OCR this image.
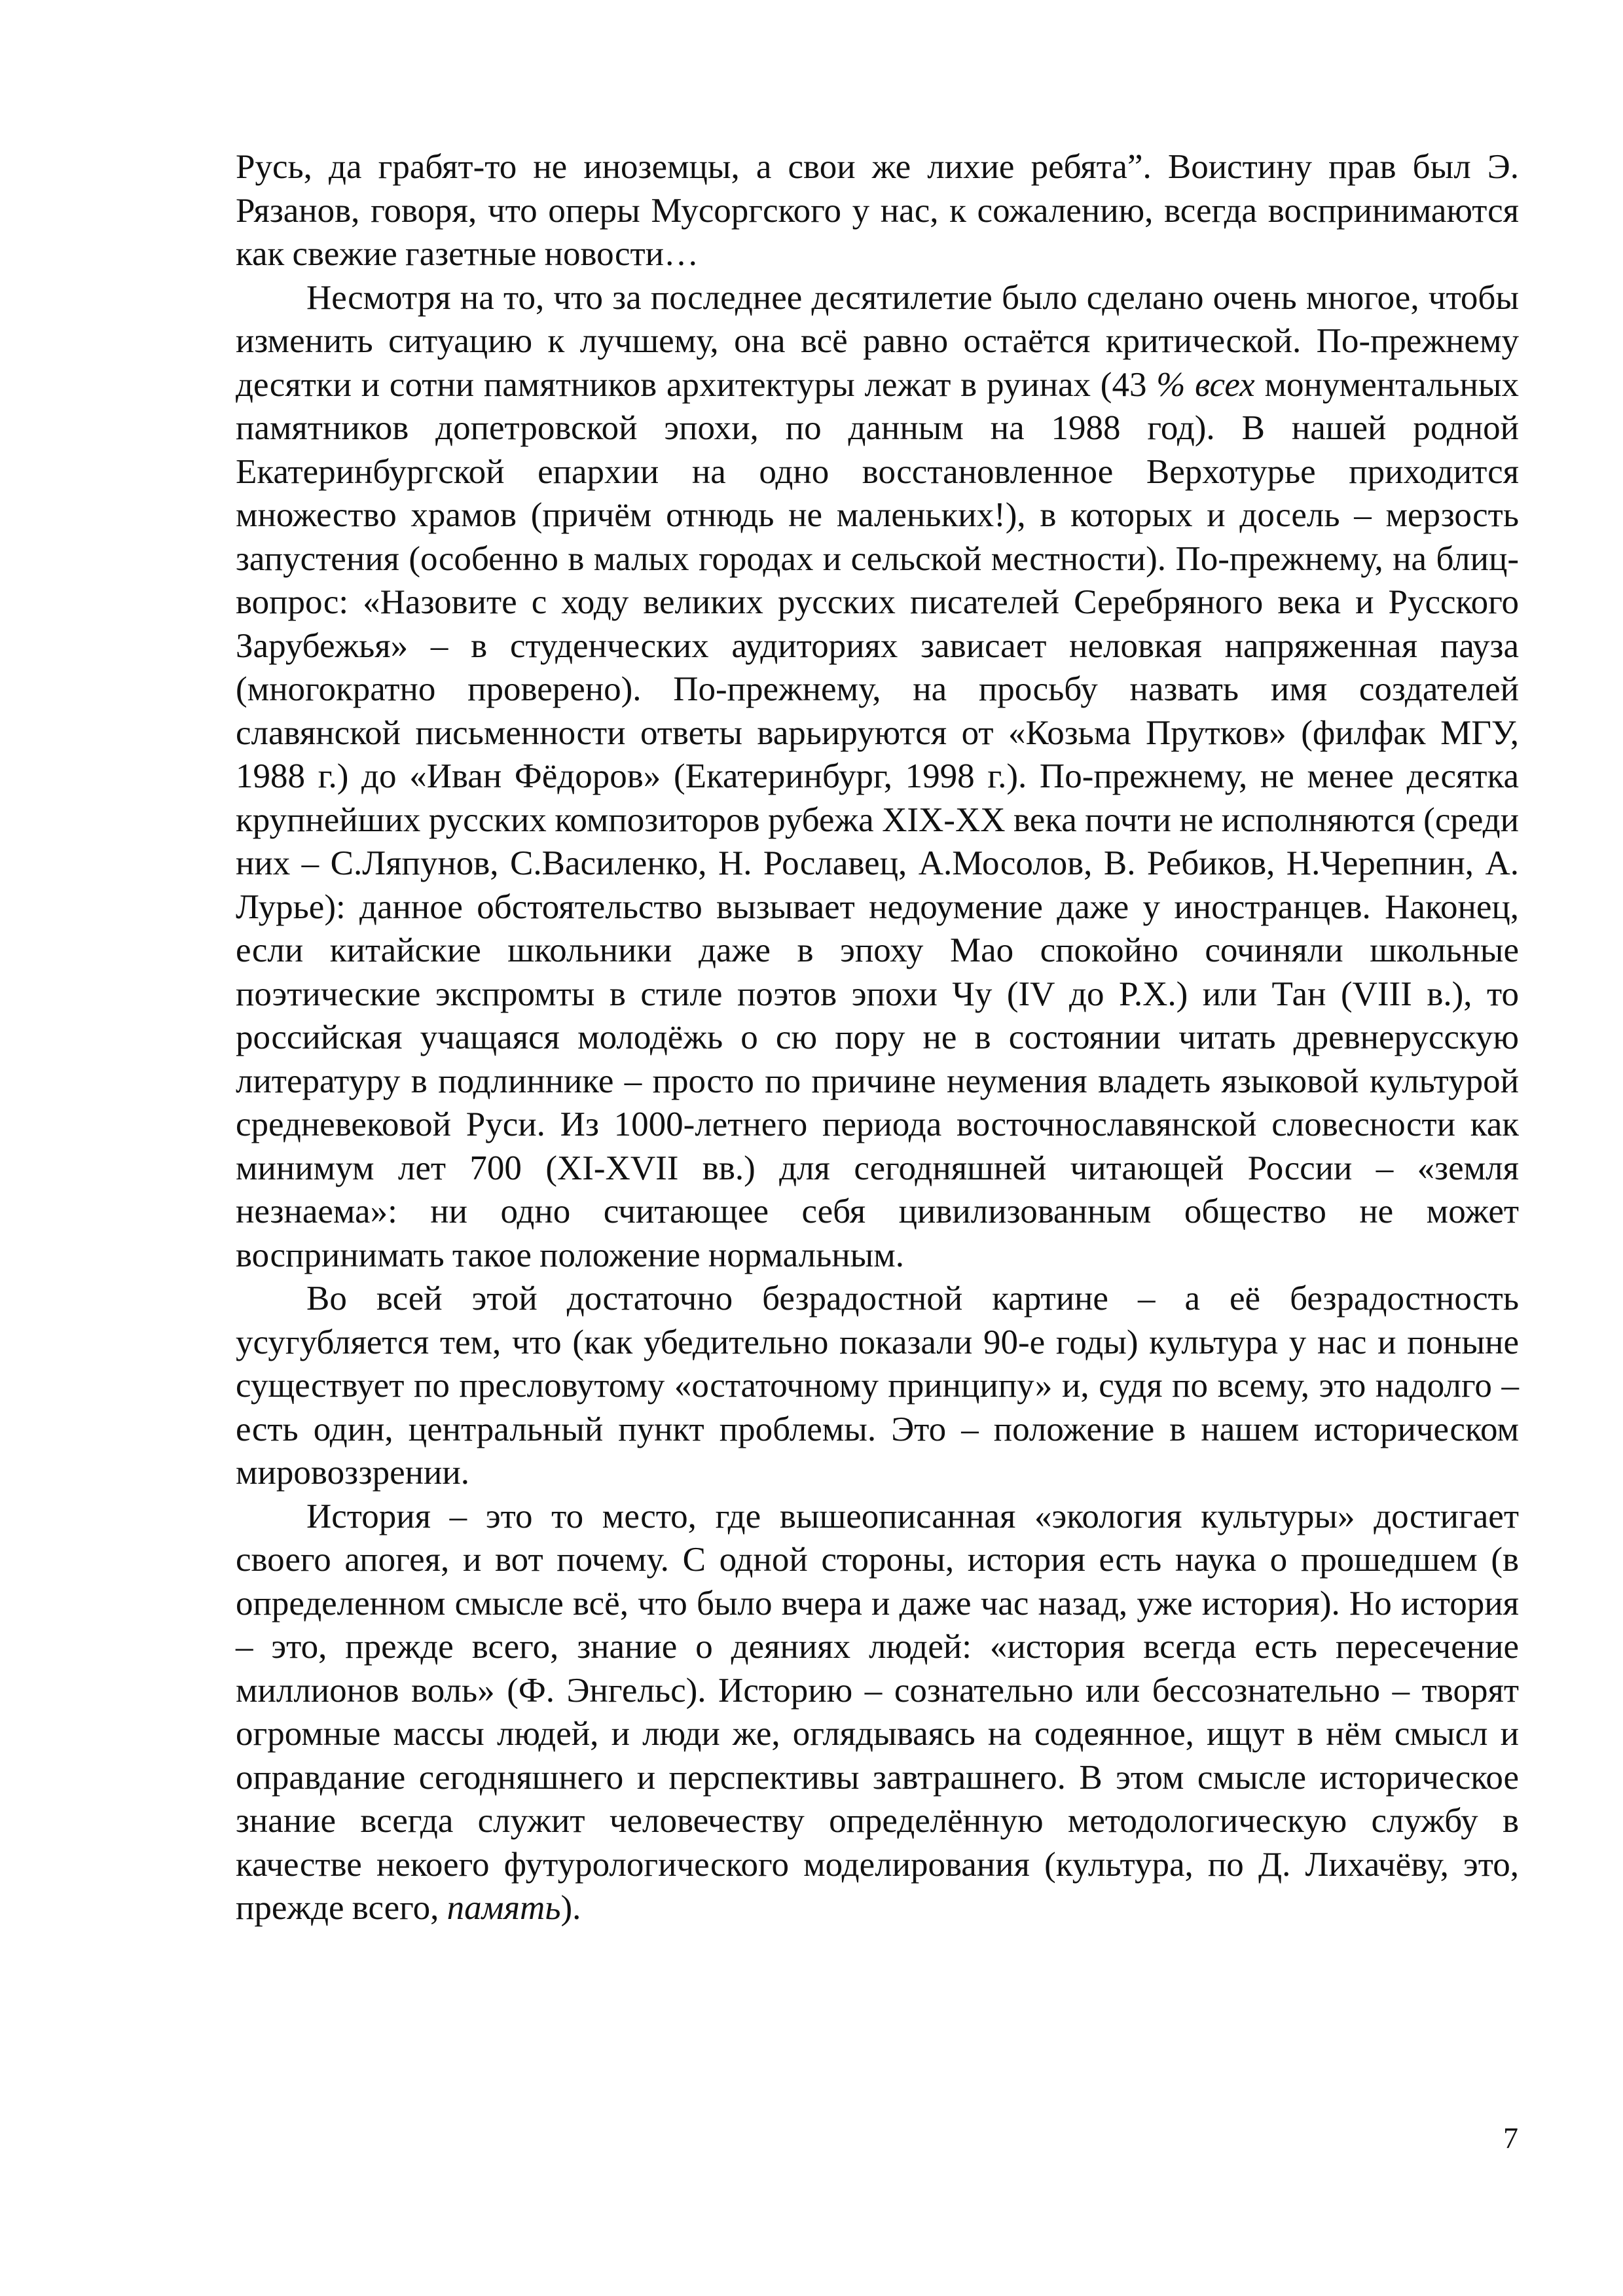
Русь, да грабят-то не иноземцы, а свои же лихие ребята”. Воистину прав был Э. Рязанов, говоря, что оперы Мусоргского у нас, к сожалению, всегда воспринимаются как свежие газетные новости…

Несмотря на то, что за последнее десятилетие было сделано очень многое, чтобы изменить ситуацию к лучшему, она всё равно остаётся критической. По-прежнему десятки и сотни памятников архитектуры лежат в руинах (43 % всех монументальных памятников допетровской эпохи, по данным на 1988 год). В нашей родной Екатеринбургской епархии на одно восстановленное Верхотурье приходится множество храмов (причём отнюдь не маленьких!), в которых и досель – мерзость запустения (особенно в малых городах и сельской местности). По-прежнему, на блиц-вопрос: «Назовите с ходу великих русских писателей Серебряного века и Русского Зарубежья» – в студенческих аудиториях зависает неловкая напряженная пауза (многократно проверено). По-прежнему, на просьбу назвать имя создателей славянской письменности ответы варьируются от «Козьма Прутков» (филфак МГУ, 1988 г.) до «Иван Фёдоров» (Екатеринбург, 1998 г.). По-прежнему, не менее десятка крупнейших русских композиторов рубежа XIX-XX века почти не исполняются (среди них – С.Ляпунов, С.Василенко, Н. Рославец, А.Мосолов, В. Ребиков, Н.Черепнин, А. Лурье): данное обстоятельство вызывает недоумение даже у иностранцев. Наконец, если китайские школьники даже в эпоху Мао спокойно сочиняли школьные поэтические экспромты в стиле поэтов эпохи Чу (IV до Р.Х.) или Тан (VIII в.), то российская учащаяся молодёжь о сю пору не в состоянии читать древнерусскую литературу в подлиннике – просто по причине неумения владеть языковой культурой средневековой Руси. Из 1000-летнего периода восточнославянской словесности как минимум лет 700 (XI-XVII вв.) для сегодняшней читающей России – «земля незнаема»: ни одно считающее себя цивилизованным общество не может воспринимать такое положение нормальным.

Во всей этой достаточно безрадостной картине – а её безрадостность усугубляется тем, что (как убедительно показали 90-е годы) культура у нас и поныне существует по пресловутому «остаточному принципу» и, судя по всему, это надолго – есть один, центральный пункт проблемы. Это – положение в нашем историческом мировоззрении.

История – это то место, где вышеописанная «экология культуры» достигает своего апогея, и вот почему. С одной стороны, история есть наука о прошедшем (в определенном смысле всё, что было вчера и даже час назад, уже история). Но история – это, прежде всего, знание о деяниях людей: «история всегда есть пересечение миллионов воль» (Ф. Энгельс). Историю – сознательно или бессознательно – творят огромные массы людей, и люди же, оглядываясь на содеянное, ищут в нём смысл и оправдание сегодняшнего и перспективы завтрашнего. В этом смысле историческое знание всегда служит человечеству определённую методологическую службу в качестве некоего футурологического моделирования (культура, по Д. Лихачёву, это, прежде всего, память).

7
